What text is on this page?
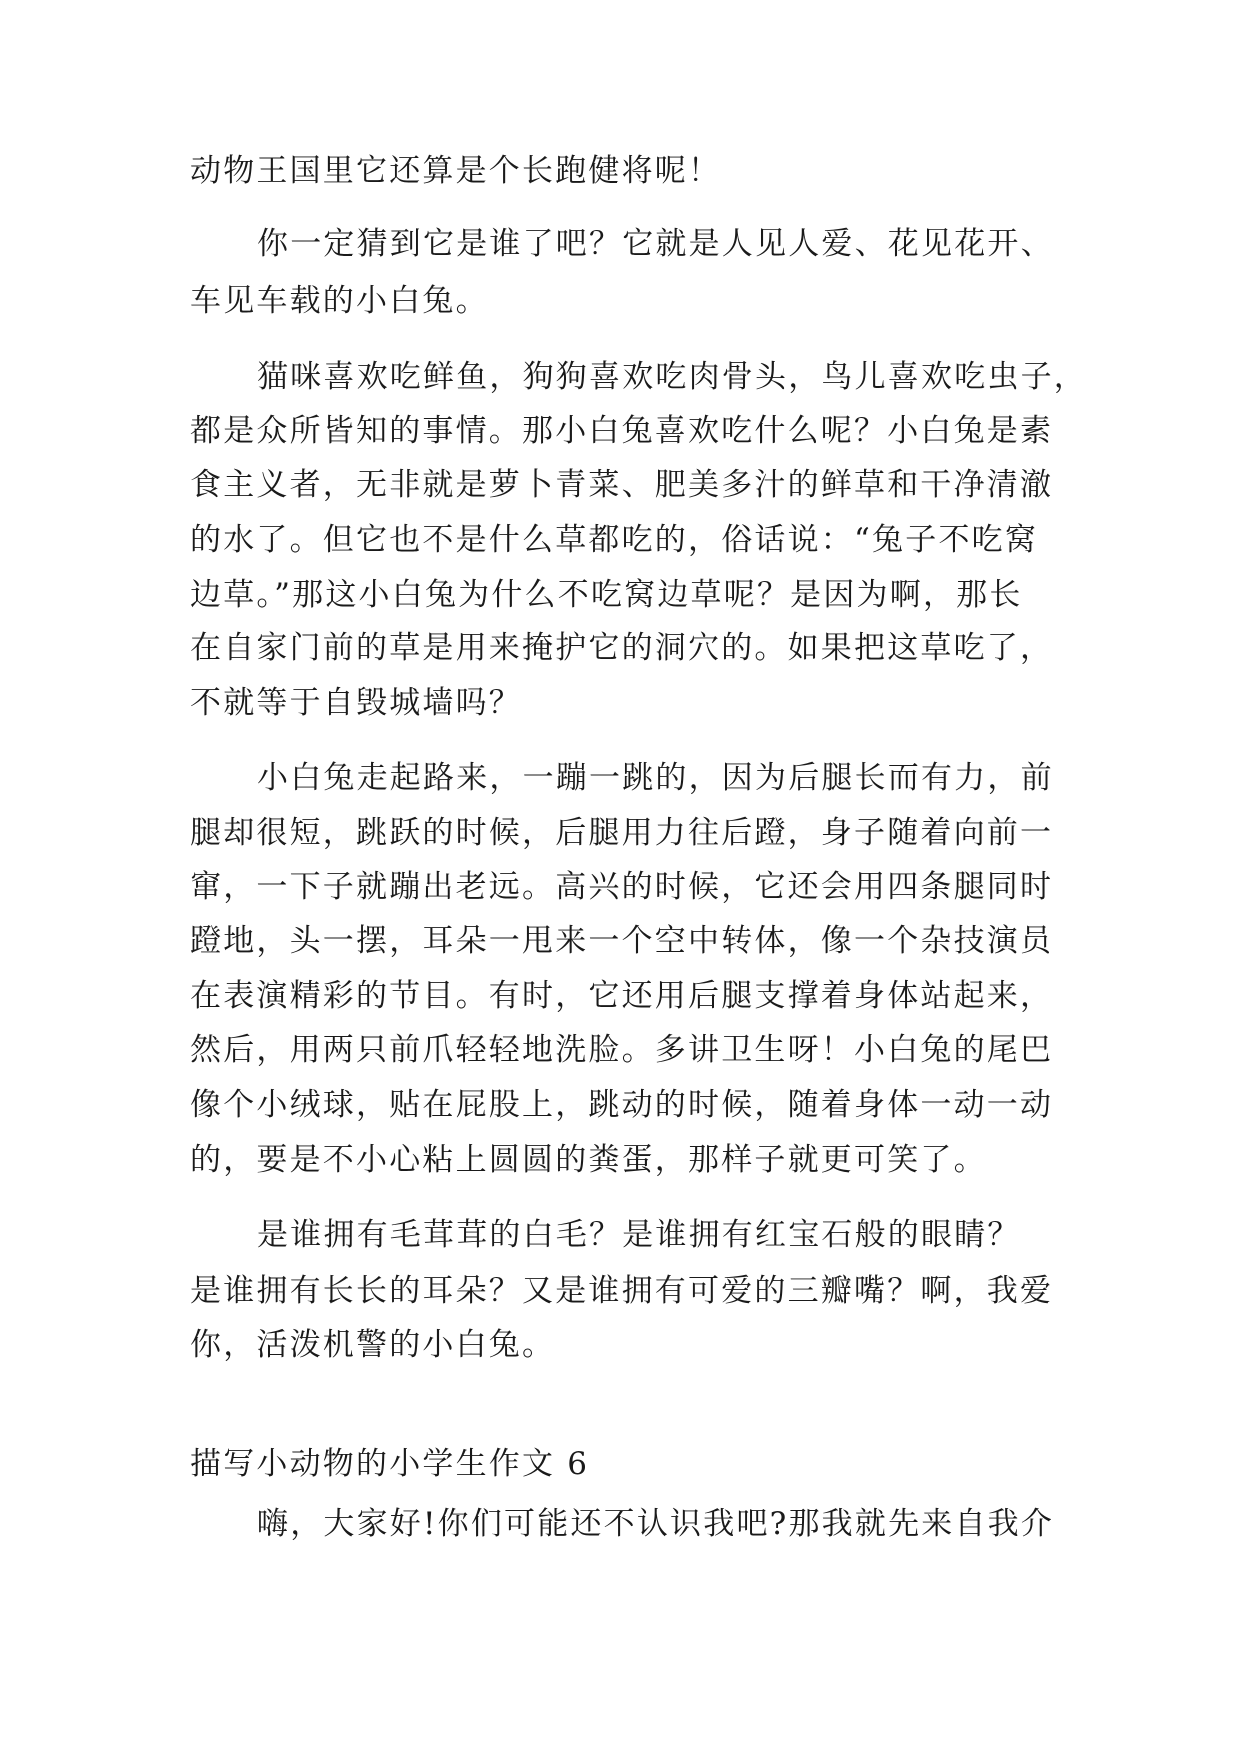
动物王国里它还算是个长跑健将呢！
你一定猜到它是谁了吧？它就是人见人爱、花见花开、
车见车载的小白兔。
猫咪喜欢吃鲜鱼，狗狗喜欢吃肉骨头，鸟儿喜欢吃虫子，
都是众所皆知的事情。那小白兔喜欢吃什么呢？小白兔是素
食主义者，无非就是萝卜青菜、肥美多汁的鲜草和干净清澈
的水了。但它也不是什么草都吃的，俗话说：“兔子不吃窝
边草。”那这小白兔为什么不吃窝边草呢？是因为啊，那长
在自家门前的草是用来掩护它的洞穴的。如果把这草吃了，
不就等于自毁城墙吗？
小白兔走起路来，一蹦一跳的，因为后腿长而有力，前
腿却很短，跳跃的时候，后腿用力往后蹬，身子随着向前一
窜，一下子就蹦出老远。高兴的时候，它还会用四条腿同时
蹬地，头一摆，耳朵一甩来一个空中转体，像一个杂技演员
在表演精彩的节目。有时，它还用后腿支撑着身体站起来，
然后，用两只前爪轻轻地洗脸。多讲卫生呀！小白兔的尾巴
像个小绒球，贴在屁股上，跳动的时候，随着身体一动一动
的，要是不小心粘上圆圆的粪蛋，那样子就更可笑了。
是谁拥有毛茸茸的白毛？是谁拥有红宝石般的眼睛？
是谁拥有长长的耳朵？又是谁拥有可爱的三瓣嘴？啊，我爱
你，活泼机警的小白兔。
描写小动物的小学生作文 6
嗨，大家好!你们可能还不认识我吧?那我就先来自我介
